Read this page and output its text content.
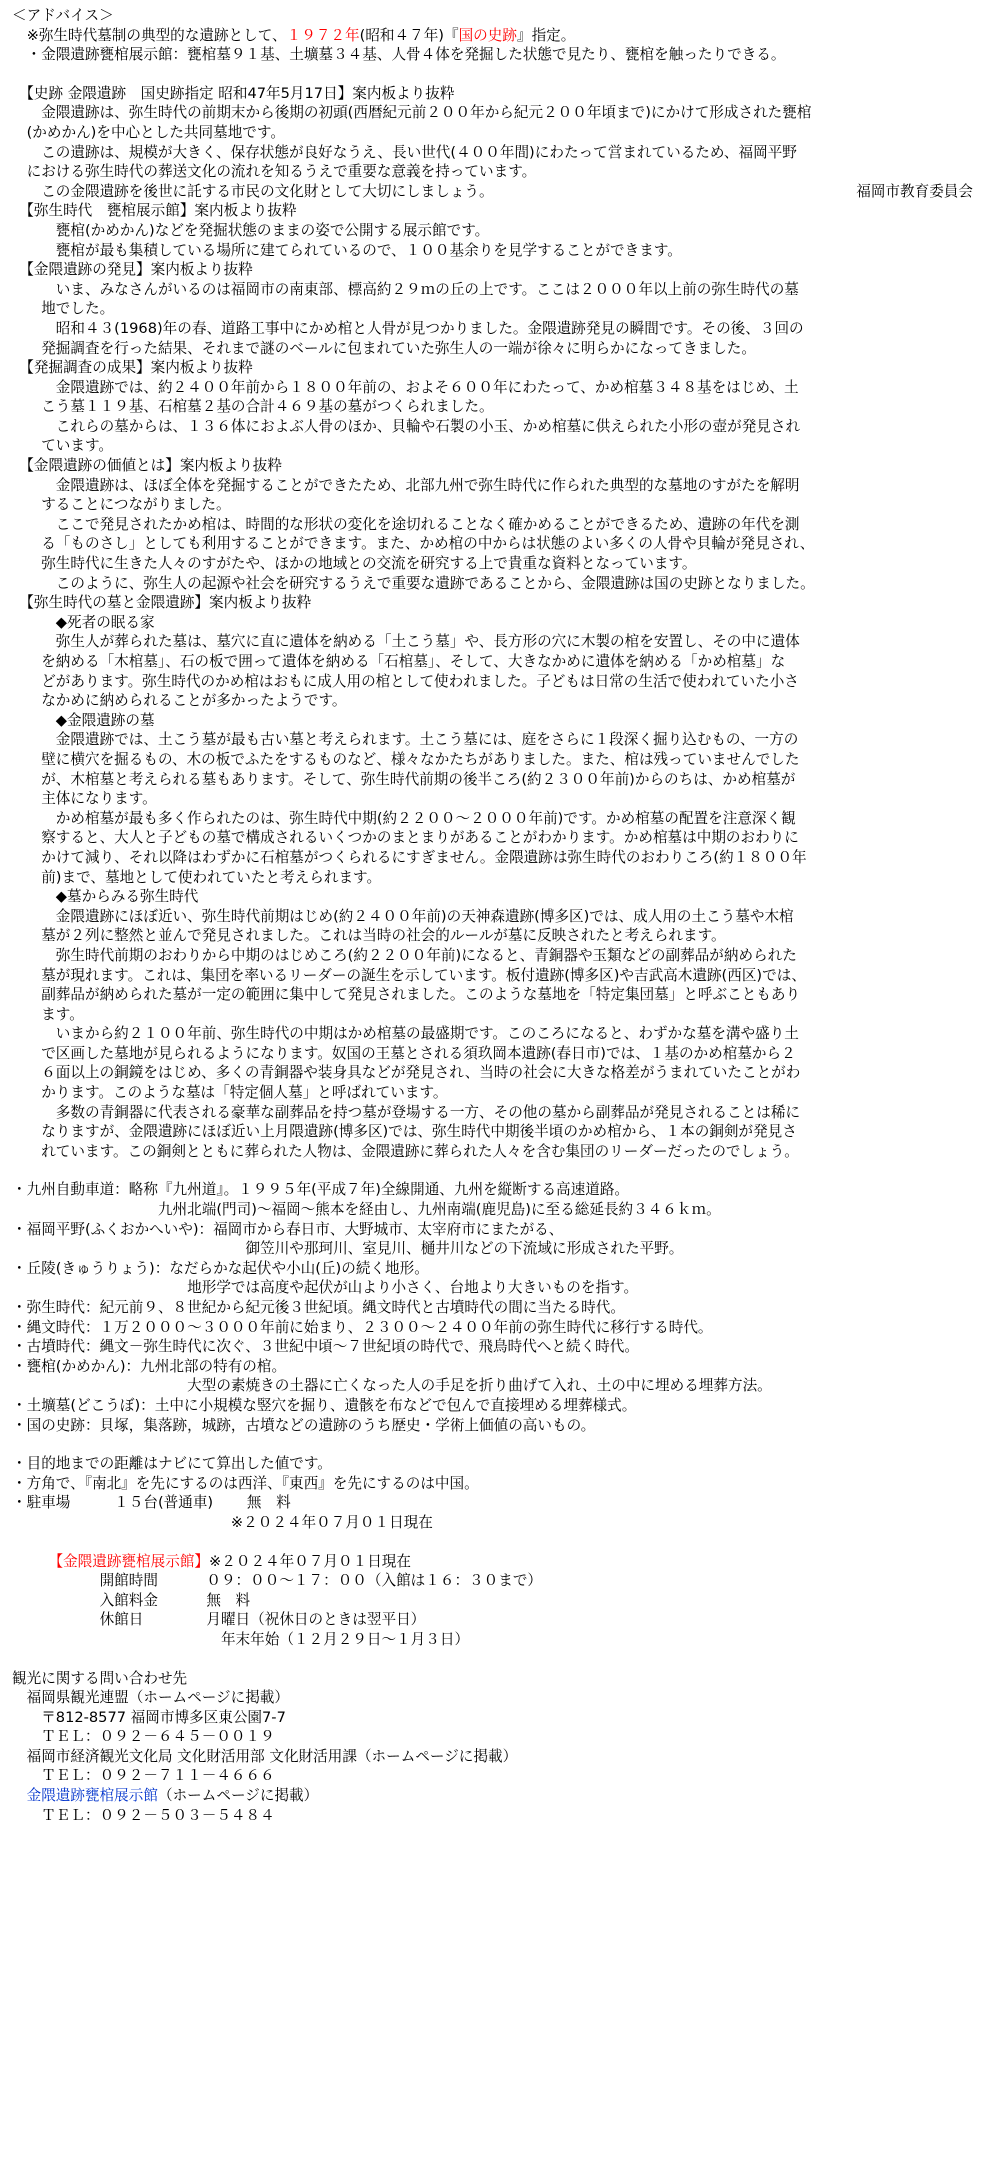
＜アドバイス＞
　※弥生時代墓制の典型的な遺跡として、１９７２年(昭和４７年)『国の史跡』指定。
　・金隈遺跡甕棺展示館：甕棺墓９１基、土壙墓３４基、人骨４体を発掘した状態で見たり、甕棺を触ったりできる。
　【史跡 金隈遺跡　国史跡指定 昭和47年5月17日】案内板より抜粋
　　金隈遺跡は、弥生時代の前期末から後期の初頭(西暦紀元前２００年から紀元２００年頃まで)にかけて形成された甕棺
　(かめかん)を中心とした共同墓地です。
　　この遺跡は、規模が大きく、保存状態が良好なうえ、長い世代(４００年間)にわたって営まれているため、福岡平野
　における弥生時代の葬送文化の流れを知るうえで重要な意義を持っています。
福岡市教育委員会
　　この金隈遺跡を後世に託する市民の文化財として大切にしましょう。
　【弥生時代　甕棺展示館】案内板より抜粋
　　　甕棺(かめかん)などを発掘状態のままの姿で公開する展示館です。
　　　甕棺が最も集積している場所に建てられているので、１００基余りを見学することができます。
　【金隈遺跡の発見】案内板より抜粋
　　　いま、みなさんがいるのは福岡市の南東部、標高約２９ｍの丘の上です。ここは２０００年以上前の弥生時代の墓
　　地でした。
　　　昭和４３(1968)年の春、道路工事中にかめ棺と人骨が見つかりました。金隈遺跡発見の瞬間です。その後、３回の
　　発掘調査を行った結果、それまで謎のベールに包まれていた弥生人の一端が徐々に明らかになってきました。
　【発掘調査の成果】案内板より抜粋
　　　金隈遺跡では、約２４００年前から１８００年前の、およそ６００年にわたって、かめ棺墓３４８基をはじめ、土
　　こう墓１１９基、石棺墓２基の合計４６９基の墓がつくられました。
　　　これらの墓からは、１３６体におよぶ人骨のほか、貝輪や石製の小玉、かめ棺墓に供えられた小形の壺が発見され
　　ています。
　【金隈遺跡の価値とは】案内板より抜粋
　　　金隈遺跡は、ほぼ全体を発掘することができたため、北部九州で弥生時代に作られた典型的な墓地のすがたを解明
　　することにつながりました。
　　　ここで発見されたかめ棺は、時間的な形状の変化を途切れることなく確かめることができるため、遺跡の年代を測
　　る「ものさし」としても利用することができます。また、かめ棺の中からは状態のよい多くの人骨や貝輪が発見され、
　　弥生時代に生きた人々のすがたや、ほかの地域との交流を研究する上で貴重な資料となっています。
　　　このように、弥生人の起源や社会を研究するうえで重要な遺跡であることから、金隈遺跡は国の史跡となりました。
　【弥生時代の墓と金隈遺跡】案内板より抜粋
　　　◆死者の眠る家
　　　弥生人が葬られた墓は、墓穴に直に遺体を納める「土こう墓」や、長方形の穴に木製の棺を安置し、その中に遺体
　　を納める「木棺墓」、石の板で囲って遺体を納める「石棺墓」、そして、大きなかめに遺体を納める「かめ棺墓」な
　　どがあります。弥生時代のかめ棺はおもに成人用の棺として使われました。子どもは日常の生活で使われていた小さ
　　なかめに納められることが多かったようです。
　　　◆金隈遺跡の墓
　　　金隈遺跡では、土こう墓が最も古い墓と考えられます。土こう墓には、庭をさらに１段深く掘り込むもの、一方の
　　壁に横穴を掘るもの、木の板でふたをするものなど、様々なかたちがありました。また、棺は残っていませんでした
　　が、木棺墓と考えられる墓もあります。そして、弥生時代前期の後半ころ(約２３００年前)からのちは、かめ棺墓が
　　主体になります。
　　　かめ棺墓が最も多く作られたのは、弥生時代中期(約２２００～２０００年前)です。かめ棺墓の配置を注意深く観
　　察すると、大人と子どもの墓で構成されるいくつかのまとまりがあることがわかります。かめ棺墓は中期のおわりに
　　かけて減り、それ以降はわずかに石棺墓がつくられるにすぎません。金隈遺跡は弥生時代のおわりころ(約１８００年
　　前)まで、墓地として使われていたと考えられます。
　　　◆墓からみる弥生時代
　　　金隈遺跡にほぼ近い、弥生時代前期はじめ(約２４００年前)の天神森遺跡(博多区)では、成人用の土こう墓や木棺
　　墓が２列に整然と並んで発見されました。これは当時の社会的ルールが墓に反映されたと考えられます。
　　　弥生時代前期のおわりから中期のはじめころ(約２２００年前)になると、青銅器や玉類などの副葬品が納められた
　　墓が現れます。これは、集団を率いるリーダーの誕生を示しています。板付遺跡(博多区)や吉武高木遺跡(西区)では、
　　副葬品が納められた墓が一定の範囲に集中して発見されました。このような墓地を「特定集団墓」と呼ぶこともあり
　　ます。
　　　いまから約２１００年前、弥生時代の中期はかめ棺墓の最盛期です。このころになると、わずかな墓を溝や盛り土
　　で区画した墓地が見られるようになります。奴国の王墓とされる須玖岡本遺跡(春日市)では、１基のかめ棺墓から２
　　６面以上の銅鏡をはじめ、多くの青銅器や装身具などが発見され、当時の社会に大きな格差がうまれていたことがわ
　　かります。このような墓は「特定個人墓」と呼ばれています。
　　　多数の青銅器に代表される豪華な副葬品を持つ墓が登場する一方、その他の墓から副葬品が発見されることは稀に
　　なりますが、金隈遺跡にほぼ近い上月隈遺跡(博多区)では、弥生時代中期後半頃のかめ棺から、１本の銅剣が発見さ
　　れています。この銅剣とともに葬られた人物は、金隈遺跡に葬られた人々を含む集団のリーダーだったのでしょう。
・九州自動車道：略称『九州道』。１９９５年(平成７年)全線開通、九州を縦断する高速道路。
　　　　　　　　　　九州北端(門司)～福岡～熊本を経由し、九州南端(鹿児島)に至る総延長約３４６ｋｍ。
・福岡平野(ふくおかへいや)：福岡市から春日市、大野城市、太宰府市にまたがる、
　　　　　　　　　　　　　　　　御笠川や那珂川、室見川、樋井川などの下流域に形成された平野。
・丘陵(きゅうりょう)：なだらかな起伏や小山(丘)の続く地形。
　　　　　　　　　　　　地形学では高度や起伏が山より小さく、台地より大きいものを指す。
・弥生時代：紀元前９、８世紀から紀元後３世紀頃。縄文時代と古墳時代の間に当たる時代。
・縄文時代：１万２０００～３０００年前に始まり、２３００～２４００年前の弥生時代に移行する時代。
・古墳時代：縄文－弥生時代に次ぐ、３世紀中頃～７世紀頃の時代で、飛鳥時代へと続く時代。
・甕棺(かめかん)：九州北部の特有の棺。
　　　　　　　　　　　　大型の素焼きの土器に亡くなった人の手足を折り曲げて入れ、土の中に埋める埋葬方法。
・土壙墓(どこうぼ)：土中に小規模な竪穴を掘り、遺骸を布などで包んで直接埋める埋葬様式。
・国の史跡：貝塚，集落跡，城跡，古墳などの遺跡のうち歴史・学術上価値の高いもの。
・目的地までの距離はナビにて算出した値です。
・方角で、『南北』を先にするのは西洋、『東西』を先にするのは中国。
・駐車場　　　１５台(普通車)　　 無　料
　　　　　　　　　　　　　　　※２０２４年０７月０１日現在
　　　【金隈遺跡甕棺展示館】※２０２４年０７月０１日現在
　　　　　　開館時間　　　 ０９：００～１７：００（入館は１６：３０まで）
　　　　　　入館料金　　　 無　料
　　　　　　休館日　　　　 月曜日（祝休日のときは翌平日）
　　　　　　　　　　　　　　 年末年始（１２月２９日～１月３日）
観光に関する問い合わせ先
　福岡県観光連盟（ホームページに掲載）
　　〒812-8577 福岡市博多区東公園7-7
　　ＴＥＬ：０９２－６４５－００１９
　福岡市経済観光文化局 文化財活用部 文化財活用課（ホームページに掲載）
　　ＴＥＬ：０９２－７１１－４６６６
　金隈遺跡甕棺展示館（ホームページに掲載）
　　ＴＥＬ：０９２－５０３－５４８４
